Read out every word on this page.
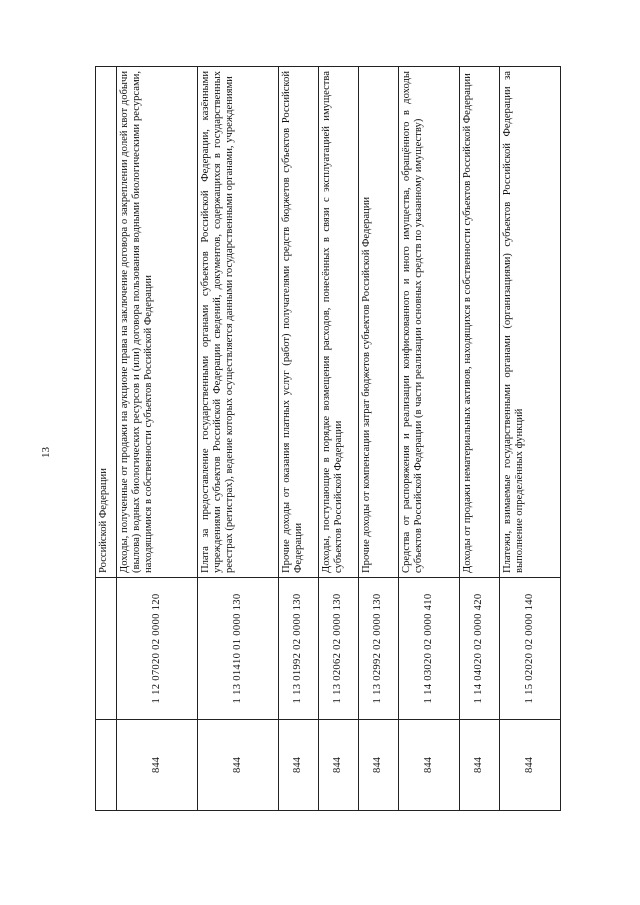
13
		Российской Федерации
844	1 12 07020 02 0000 120	Доходы, полученные от продажи на аукционе права на заключение договора о закреплении долей квот добычи (вылова) водных биологических ресурсов и (или) договора пользования водными биологическими ресурсами, находящимися в собственности субъектов Российской Федерации
844	1 13 01410 01 0000 130	Плата за предоставление государственными органами субъектов Российской Федерации, казёнными учреждениями субъектов Российской Федерации сведений, документов, содержащихся в государственных реестрах (регистрах), ведение которых осуществляется данными государственными органами, учреждениями
844	1 13 01992 02 0000 130	Прочие доходы от оказания платных услуг (работ) получателями средств бюджетов субъектов Российской Федерации
844	1 13 02062 02 0000 130	Доходы, поступающие в порядке возмещения расходов, понесённых в связи с эксплуатацией имущества субъектов Российской Федерации
844	1 13 02992 02 0000 130	Прочие доходы от компенсации затрат бюджетов субъектов Российской Федерации
844	1 14 03020 02 0000 410	Средства от распоряжения и реализации конфискованного и иного имущества, обращённого в доходы субъектов Российской Федерации (в части реализации основных средств по указанному имуществу)
844	1 14 04020 02 0000 420	Доходы от продажи нематериальных активов, находящихся в собственности субъектов Российской Федерации
844	1 15 02020 02 0000 140	Платежи, взимаемые государственными органами (организациями) субъектов Российской Федерации за выполнение определённых функций
